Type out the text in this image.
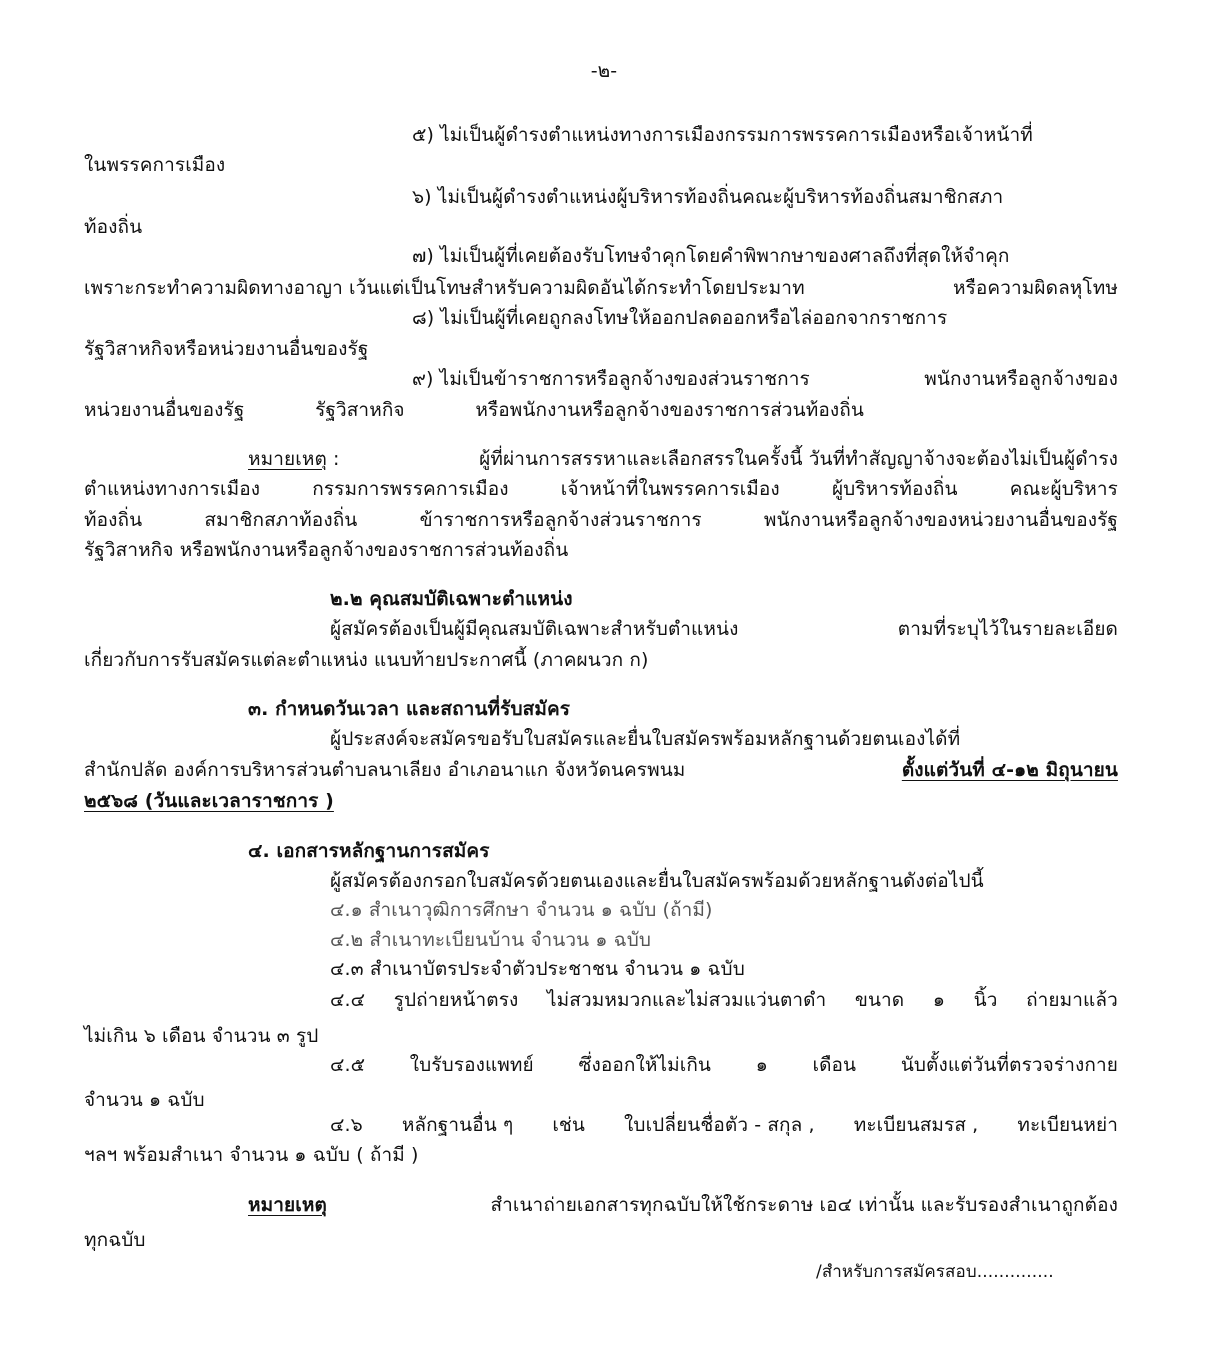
-๒-
๕) ไม่เป็นผู้ดำรงตำแหน่งทางการเมืองกรรมการพรรคการเมืองหรือเจ้าหน้าที่
ในพรรคการเมือง
๖) ไม่เป็นผู้ดำรงตำแหน่งผู้บริหารท้องถิ่นคณะผู้บริหารท้องถิ่นสมาชิกสภา
ท้องถิ่น
๗) ไม่เป็นผู้ที่เคยต้องรับโทษจำคุกโดยคำพิพากษาของศาลถึงที่สุดให้จำคุก
เพราะกระทำความผิดทางอาญา เว้นแต่เป็นโทษสำหรับความผิดอันได้กระทำโดยประมาท	หรือความผิดลหุโทษ
๘) ไม่เป็นผู้ที่เคยถูกลงโทษให้ออกปลดออกหรือไล่ออกจากราชการ
รัฐวิสาหกิจหรือหน่วยงานอื่นของรัฐ
๙) ไม่เป็นข้าราชการหรือลูกจ้างของส่วนราชการ	พนักงานหรือลูกจ้างของ
หน่วยงานอื่นของรัฐ	รัฐวิสาหกิจ	หรือพนักงานหรือลูกจ้างของราชการส่วนท้องถิ่น
หมายเหตุ :	ผู้ที่ผ่านการสรรหาและเลือกสรรในครั้งนี้ วันที่ทำสัญญาจ้างจะต้องไม่เป็นผู้ดำรง
ตำแหน่งทางการเมือง	กรรมการพรรคการเมือง	เจ้าหน้าที่ในพรรคการเมือง	ผู้บริหารท้องถิ่น	คณะผู้บริหาร
ท้องถิ่น	สมาชิกสภาท้องถิ่น	ข้าราชการหรือลูกจ้างส่วนราชการ	พนักงานหรือลูกจ้างของหน่วยงานอื่นของรัฐ
รัฐวิสาหกิจ หรือพนักงานหรือลูกจ้างของราชการส่วนท้องถิ่น
๒.๒ คุณสมบัติเฉพาะตำแหน่ง
ผู้สมัครต้องเป็นผู้มีคุณสมบัติเฉพาะสำหรับตำแหน่ง	ตามที่ระบุไว้ในรายละเอียด
เกี่ยวกับการรับสมัครแต่ละตำแหน่ง แนบท้ายประกาศนี้ (ภาคผนวก ก)
๓. กำหนดวันเวลา และสถานที่รับสมัคร
ผู้ประสงค์จะสมัครขอรับใบสมัครและยื่นใบสมัครพร้อมหลักฐานด้วยตนเองได้ที่
สำนักปลัด องค์การบริหารส่วนตำบลนาเลียง อำเภอนาแก จังหวัดนครพนม	ตั้งแต่วันที่ ๔-๑๒ มิถุนายน
๒๕๖๘ (วันและเวลาราชการ )
๔. เอกสารหลักฐานการสมัคร
ผู้สมัครต้องกรอกใบสมัครด้วยตนเองและยื่นใบสมัครพร้อมด้วยหลักฐานดังต่อไปนี้
๔.๑ สำเนาวุฒิการศึกษา จำนวน ๑ ฉบับ (ถ้ามี)
๔.๒ สำเนาทะเบียนบ้าน จำนวน ๑ ฉบับ
๔.๓ สำเนาบัตรประจำตัวประชาชน จำนวน ๑ ฉบับ
๔.๔ รูปถ่ายหน้าตรง ไม่สวมหมวกและไม่สวมแว่นตาดำ ขนาด ๑ นิ้ว ถ่ายมาแล้ว
ไม่เกิน ๖ เดือน จำนวน ๓ รูป
๔.๕ ใบรับรองแพทย์ ซึ่งออกให้ไม่เกิน ๑ เดือน นับตั้งแต่วันที่ตรวจร่างกาย
จำนวน ๑ ฉบับ
๔.๖ หลักฐานอื่น ๆ เช่น ใบเปลี่ยนชื่อตัว - สกุล , ทะเบียนสมรส , ทะเบียนหย่า
ฯลฯ พร้อมสำเนา จำนวน ๑ ฉบับ ( ถ้ามี )
หมายเหตุ	สำเนาถ่ายเอกสารทุกฉบับให้ใช้กระดาษ เอ๔ เท่านั้น และรับรองสำเนาถูกต้อง
ทุกฉบับ
/สำหรับการสมัครสอบ..............
